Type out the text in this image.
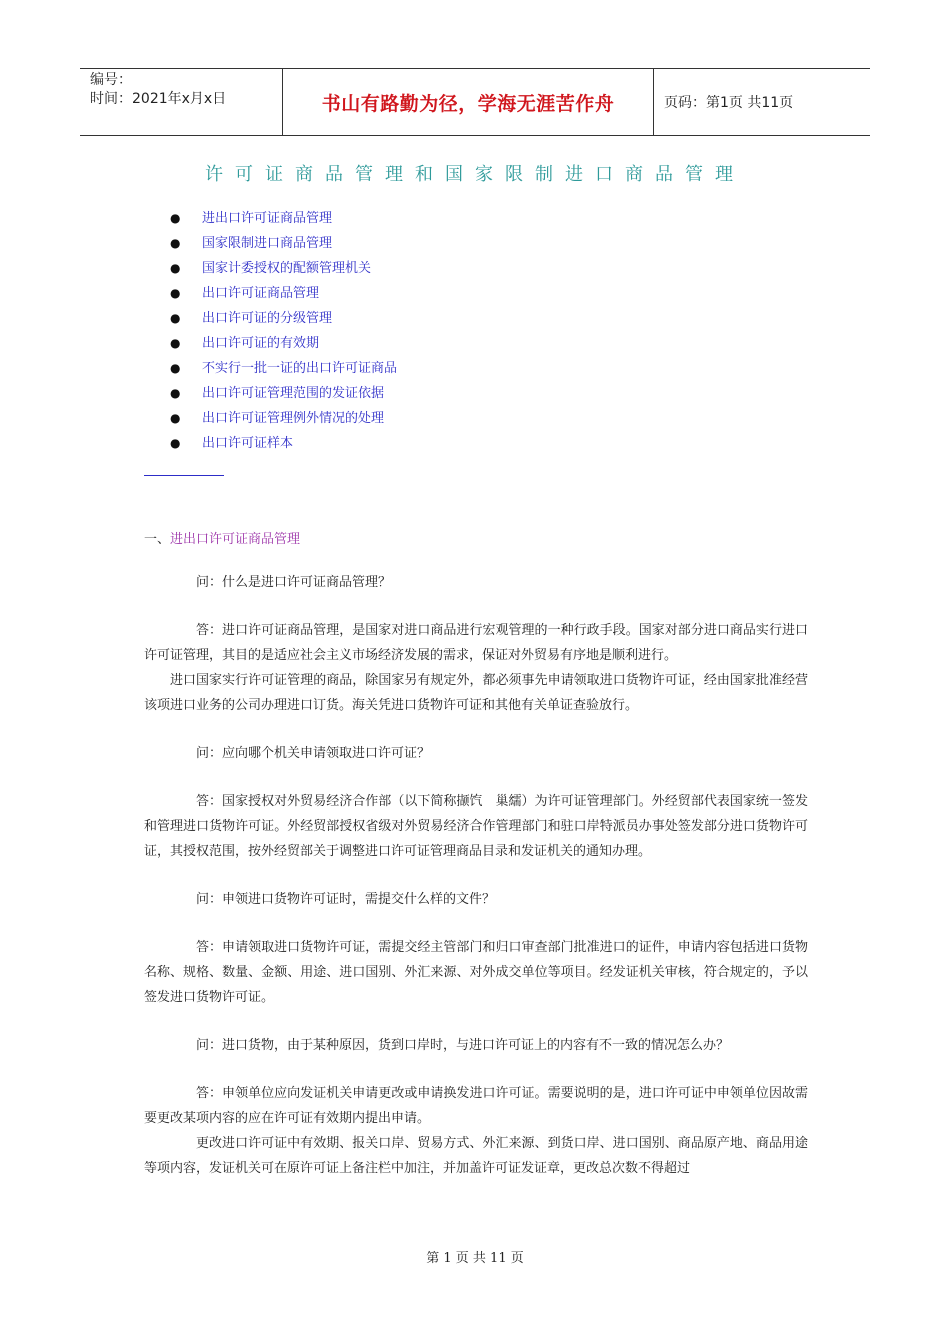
编号：
时间：2021年x月x日	书山有路勤为径，学海无涯苦作舟	页码：第1页 共11页
许可证商品管理和国家限制进口商品管理
● 进出口许可证商品管理
● 国家限制进口商品管理
● 国家计委授权的配额管理机关
● 出口许可证商品管理
● 出口许可证的分级管理
● 出口许可证的有效期
● 不实行一批一证的出口许可证商品
● 出口许可证管理范围的发证依据
● 出口许可证管理例外情况的处理
● 出口许可证样本
一、进出口许可证商品管理

问：什么是进口许可证商品管理？

答：进口许可证商品管理，是国家对进口商品进行宏观管理的一种行政手段。国家对部分进口商品实行进口许可证管理，其目的是适应社会主义市场经济发展的需求，保证对外贸易有序地是顺利进行。

进口国家实行许可证管理的商品，除国家另有规定外，都必须事先申请领取进口货物许可证，经由国家批准经营该项进口业务的公司办理进口订货。海关凭进口货物许可证和其他有关单证查验放行。

问：应向哪个机关申请领取进口许可证？

答：国家授权对外贸易经济合作部（以下简称撷饩　巢繻）为许可证管理部门。外经贸部代表国家统一签发和管理进口货物许可证。外经贸部授权省级对外贸易经济合作管理部门和驻口岸特派员办事处签发部分进口货物许可证，其授权范围，按外经贸部关于调整进口许可证管理商品目录和发证机关的通知办理。

问：申领进口货物许可证时，需提交什么样的文件？

答：申请领取进口货物许可证，需提交经主管部门和归口审查部门批准进口的证件，申请内容包括进口货物名称、规格、数量、金额、用途、进口国别、外汇来源、对外成交单位等项目。经发证机关审核，符合规定的，予以签发进口货物许可证。

问：进口货物，由于某种原因，货到口岸时，与进口许可证上的内容有不一致的情况怎么办？

答：申领单位应向发证机关申请更改或申请换发进口许可证。需要说明的是，进口许可证中申领单位因故需要更改某项内容的应在许可证有效期内提出申请。

更改进口许可证中有效期、报关口岸、贸易方式、外汇来源、到货口岸、进口国别、商品原产地、商品用途等项内容，发证机关可在原许可证上备注栏中加注，并加盖许可证发证章，更改总次数不得超过

第 1 页 共 11 页
